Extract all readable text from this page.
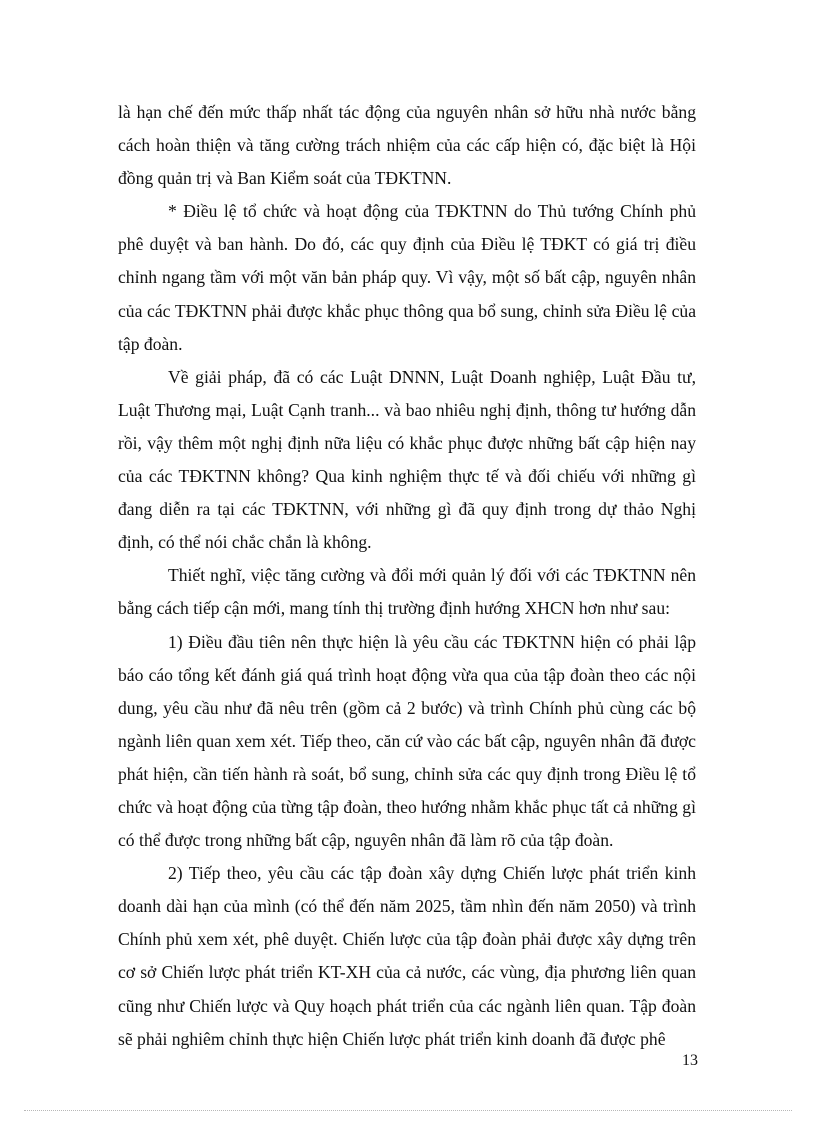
là hạn chế đến mức thấp nhất tác động của nguyên nhân sở hữu nhà nước bằng cách hoàn thiện và tăng cường trách nhiệm của các cấp hiện có, đặc biệt là Hội đồng quản trị và Ban Kiểm soát của TĐKTNN.

* Điều lệ tổ chức và hoạt động của TĐKTNN do Thủ tướng Chính phủ phê duyệt và ban hành. Do đó, các quy định của Điều lệ TĐKT có giá trị điều chỉnh ngang tầm với một văn bản pháp quy. Vì vậy, một số bất cập, nguyên nhân của các TĐKTNN phải được khắc phục thông qua bổ sung, chỉnh sửa Điều lệ của tập đoàn.

Về giải pháp, đã có các Luật DNNN, Luật Doanh nghiệp, Luật Đầu tư, Luật Thương mại, Luật Cạnh tranh... và bao nhiêu nghị định, thông tư hướng dẫn rồi, vậy thêm một nghị định nữa liệu có khắc phục được những bất cập hiện nay của các TĐKTNN không? Qua kinh nghiệm thực tế và đối chiếu với những gì đang diễn ra tại các TĐKTNN, với những gì đã quy định trong dự thảo Nghị định, có thể nói chắc chắn là không.

Thiết nghĩ, việc tăng cường và đổi mới quản lý đối với các TĐKTNN nên bằng cách tiếp cận mới, mang tính thị trường định hướng XHCN hơn như sau:

1) Điều đầu tiên nên thực hiện là yêu cầu các TĐKTNN hiện có phải lập báo cáo tổng kết đánh giá quá trình hoạt động vừa qua của tập đoàn theo các nội dung, yêu cầu như đã nêu trên (gồm cả 2 bước) và trình Chính phủ cùng các bộ ngành liên quan xem xét. Tiếp theo, căn cứ vào các bất cập, nguyên nhân đã được phát hiện, cần tiến hành rà soát, bổ sung, chỉnh sửa các quy định trong Điều lệ tổ chức và hoạt động của từng tập đoàn, theo hướng nhằm khắc phục tất cả những gì có thể được trong những bất cập, nguyên nhân đã làm rõ của tập đoàn.

2) Tiếp theo, yêu cầu các tập đoàn xây dựng Chiến lược phát triển kinh doanh dài hạn của mình (có thể đến năm 2025, tầm nhìn đến năm 2050) và trình Chính phủ xem xét, phê duyệt. Chiến lược của tập đoàn phải được xây dựng trên cơ sở Chiến lược phát triển KT-XH của cả nước, các vùng, địa phương liên quan cũng như Chiến lược và Quy hoạch phát triển của các ngành liên quan. Tập đoàn sẽ phải nghiêm chỉnh thực hiện Chiến lược phát triển kinh doanh đã được phê

13
